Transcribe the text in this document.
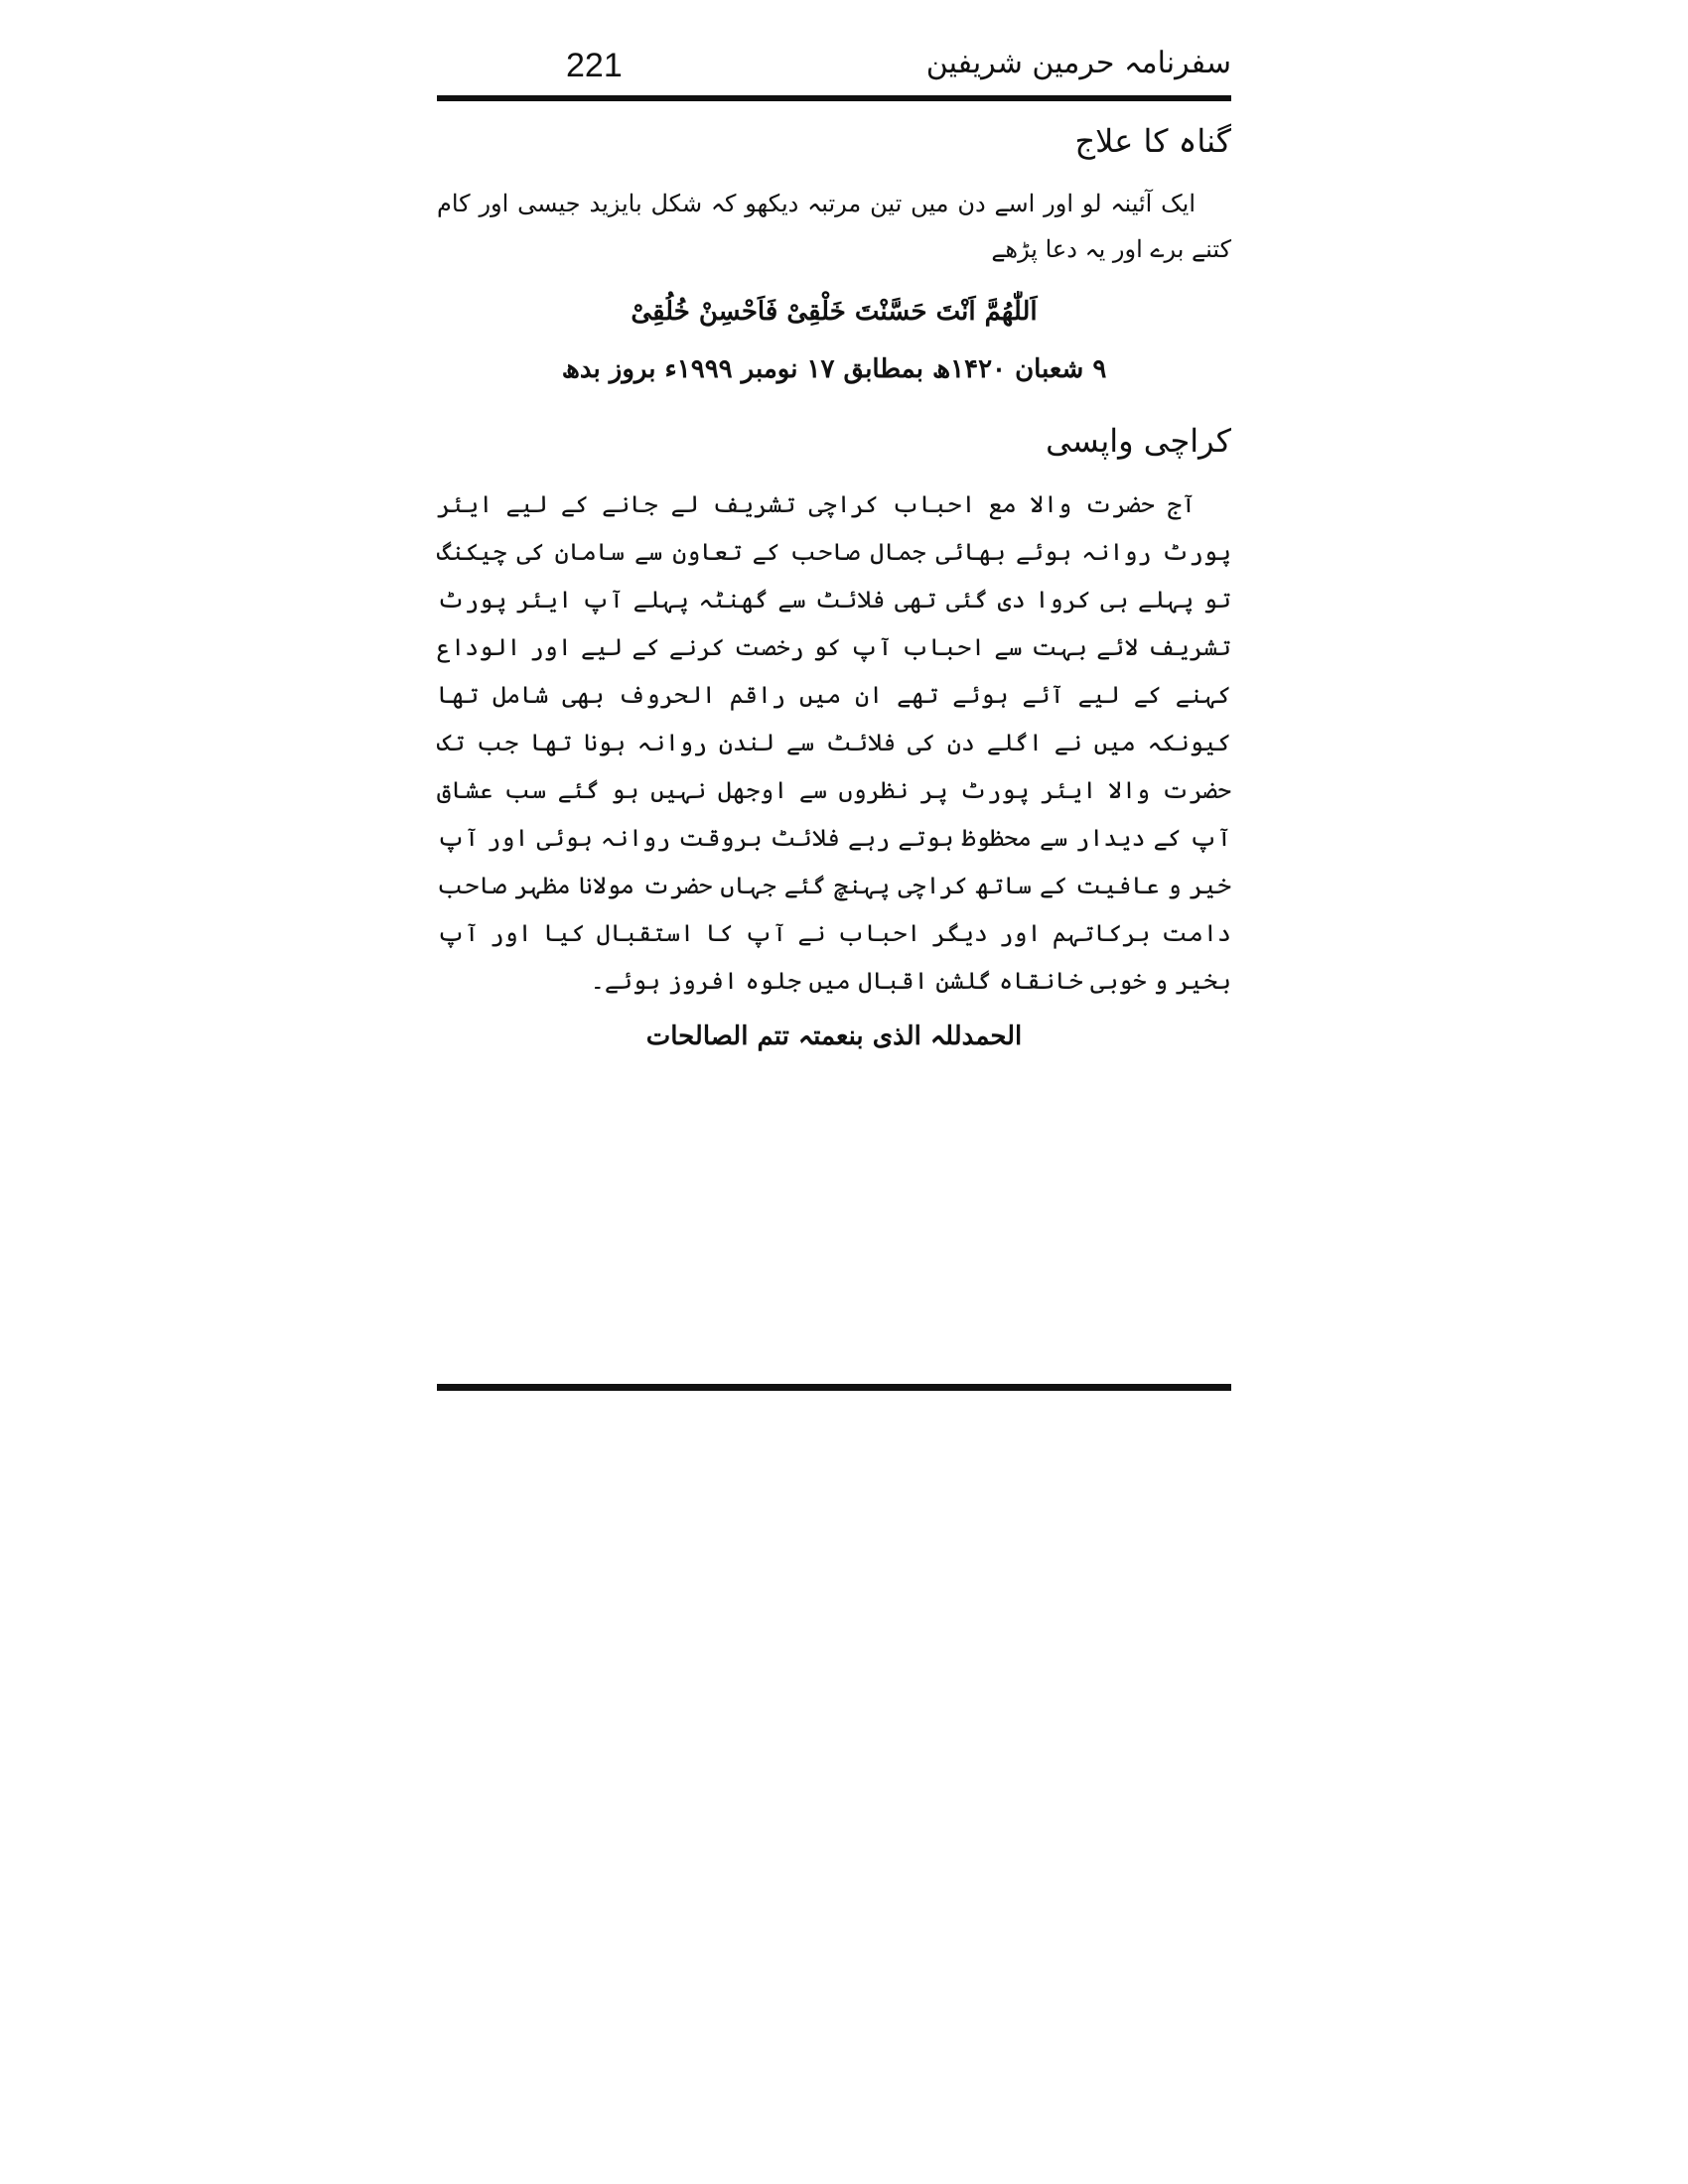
221	سفرنامہ حرمین شریفین
گناہ کا علاج

ایک آئینہ لو اور اسے دن میں تین مرتبہ دیکھو کہ شکل بایزید جیسی اور کام کتنے برے اور یہ دعا پڑھے

اَللّٰھُمَّ اَنْتَ حَسَّنْتَ خَلْقِیْ فَاَحْسِنْ خُلُقِیْ
۹ شعبان ۱۴۲۰ھ بمطابق ۱۷ نومبر ۱۹۹۹ء بروز بدھ
کراچی واپسی

آج حضرت والا مع احباب کراچی تشریف لے جانے کے لیے ایئر پورٹ روانہ ہوئے بھائی جمال صاحب کے تعاون سے سامان کی چیکنگ تو پہلے ہی کروا دی گئی تھی فلائٹ سے گھنٹہ پہلے آپ ایئر پورٹ تشریف لائے بہت سے احباب آپ کو رخصت کرنے کے لیے اور الوداع کہنے کے لیے آئے ہوئے تھے ان میں راقم الحروف بھی شامل تھا کیونکہ میں نے اگلے دن کی فلائٹ سے لندن روانہ ہونا تھا جب تک حضرت والا ایئر پورٹ پر نظروں سے اوجھل نہیں ہو گئے سب عشاق آپ کے دیدار سے محظوظ ہوتے رہے فلائٹ بروقت روانہ ہوئی اور آپ خیر و عافیت کے ساتھ کراچی پہنچ گئے جہاں حضرت مولانا مظہر صاحب دامت برکاتہم اور دیگر احباب نے آپ کا استقبال کیا اور آپ بخیر و خوبی خانقاہ گلشن اقبال میں جلوہ افروز ہوئے۔

الحمدللہ الذی بنعمتہ تتم الصالحات
